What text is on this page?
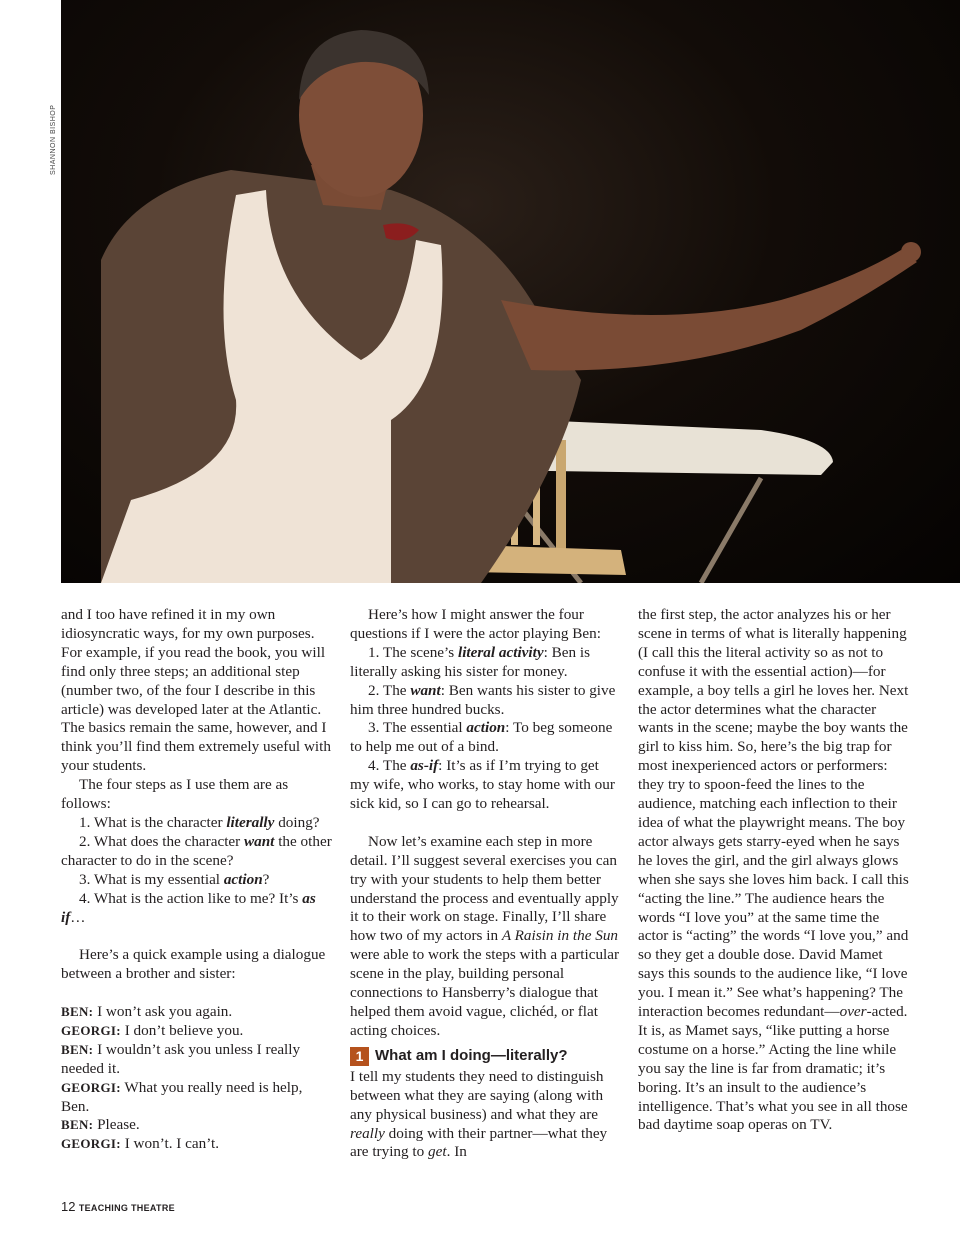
SHANNON BISHOP

and I too have refined it in my own idiosyncratic ways, for my own purposes. For example, if you read the book, you will find only three steps; an additional step (number two, of the four I describe in this article) was developed later at the Atlantic. The basics remain the same, however, and I think you’ll find them extremely useful with your students.

The four steps as I use them are as follows:

1. What is the character literally doing?

2. What does the character want the other character to do in the scene?

3. What is my essential action?

4. What is the action like to me? It’s as if…

Here’s a quick example using a dialogue between a brother and sister:

BEN: I won’t ask you again.

GEORGI: I don’t believe you.

BEN: I wouldn’t ask you unless I really needed it.

GEORGI: What you really need is help, Ben.

BEN: Please.

GEORGI: I won’t. I can’t.

Here’s how I might answer the four questions if I were the actor playing Ben:

1. The scene’s literal activity: Ben is literally asking his sister for money.

2. The want: Ben wants his sister to give him three hundred bucks.

3. The essential action: To beg someone to help me out of a bind.

4. The as-if: It’s as if I’m trying to get my wife, who works, to stay home with our sick kid, so I can go to rehearsal.

Now let’s examine each step in more detail. I’ll suggest several exercises you can try with your students to help them better understand the process and eventually apply it to their work on stage. Finally, I’ll share how two of my actors in A Raisin in the Sun were able to work the steps with a particular scene in the play, building personal connections to Hansberry’s dialogue that helped them avoid vague, clichéd, or flat acting choices.

1 What am I doing—literally?

I tell my students they need to distinguish between what they are saying (along with any physical business) and what they are really doing with their partner—what they are trying to get. In

the first step, the actor analyzes his or her scene in terms of what is literally happening (I call this the literal activity so as not to confuse it with the essential action)—for example, a boy tells a girl he loves her. Next the actor determines what the character wants in the scene; maybe the boy wants the girl to kiss him. So, here’s the big trap for most inexperienced actors or performers: they try to spoon-feed the lines to the audience, matching each inflection to their idea of what the playwright means. The boy actor always gets starry-eyed when he says he loves the girl, and the girl always glows when she says she loves him back. I call this “acting the line.” The audience hears the words “I love you” at the same time the actor is “acting” the words “I love you,” and so they get a double dose. David Mamet says this sounds to the audience like, “I love you. I mean it.” See what’s happening? The interaction becomes redundant—over-acted. It is, as Mamet says, “like putting a horse costume on a horse.” Acting the line while you say the line is far from dramatic; it’s boring. It’s an insult to the audience’s intelligence. That’s what you see in all those bad daytime soap operas on TV.

12 TEACHING THEATRE
